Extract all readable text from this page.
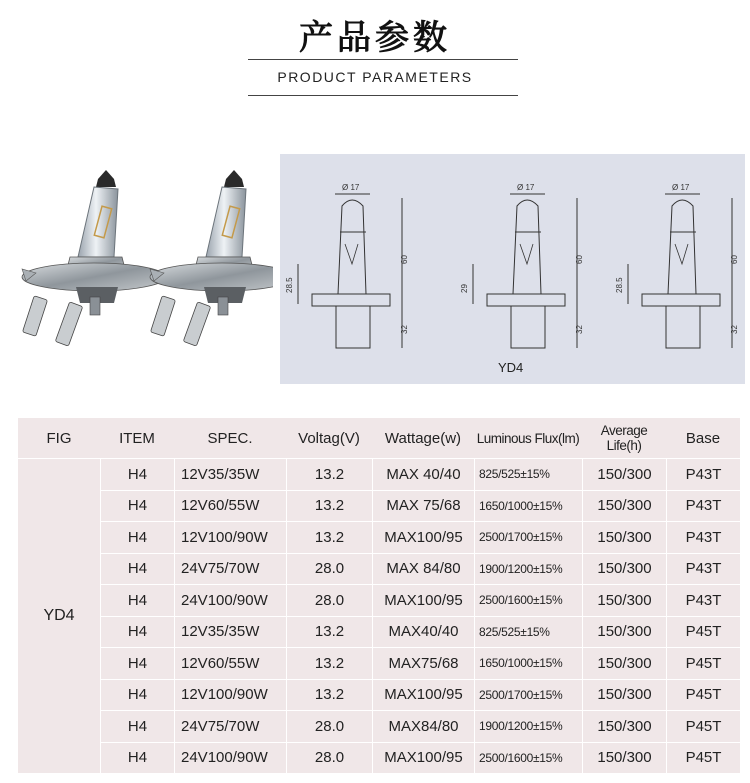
产品参数
PRODUCT PARAMETERS
Ø 17
28.5
60
32
Ø 17
29
60
32
Ø 17
28.5
60
32
YD4
FIG	ITEM	SPEC.	Voltag(V)	Wattage(w)	Luminous Flux(lm)	Average Life(h)	Base
YD4	H4	12V35/35W	13.2	MAX 40/40	825/525±15%	150/300	P43T
	H4	12V60/55W	13.2	MAX 75/68	1650/1000±15%	150/300	P43T
	H4	12V100/90W	13.2	MAX100/95	2500/1700±15%	150/300	P43T
	H4	24V75/70W	28.0	MAX 84/80	1900/1200±15%	150/300	P43T
	H4	24V100/90W	28.0	MAX100/95	2500/1600±15%	150/300	P43T
	H4	12V35/35W	13.2	MAX40/40	825/525±15%	150/300	P45T
	H4	12V60/55W	13.2	MAX75/68	1650/1000±15%	150/300	P45T
	H4	12V100/90W	13.2	MAX100/95	2500/1700±15%	150/300	P45T
	H4	24V75/70W	28.0	MAX84/80	1900/1200±15%	150/300	P45T
	H4	24V100/90W	28.0	MAX100/95	2500/1600±15%	150/300	P45T
